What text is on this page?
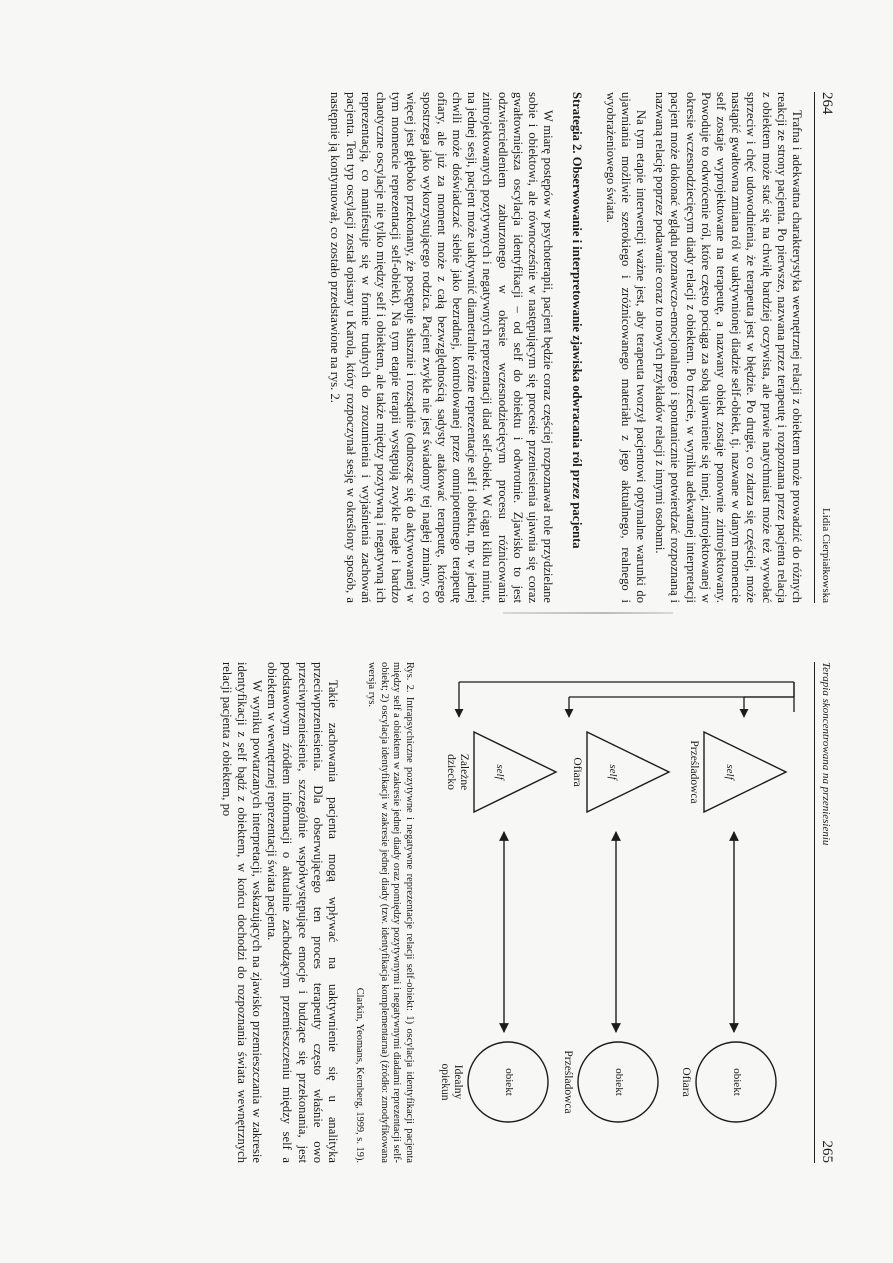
264
Lidia Cierpiałkowska

Trafna i adekwatna charakterystyka wewnętrznej relacji z obiektem może prowadzić do różnych reakcji ze strony pacjenta. Po pierwsze, nazwana przez terapeutę i rozpoznana przez pacjenta relacja z obiektem może stać się na chwilę bardziej oczywista, ale prawie natychmiast może też wywołać sprzeciw i chęć udowodnienia, że terapeuta jest w błędzie. Po drugie, co zdarza się częściej, może nastąpić gwałtowna zmiana ról w uaktywnionej diadzie self-obiekt, tj. nazwane w danym momencie self zostaje wyprojektowane na terapeutę, a nazwany obiekt zostaje ponownie zintrojektowany. Powoduje to odwrócenie ról, które często pociąga za sobą ujawnienie się innej, zintrojektowanej w okresie wczesnodziecięcym diady relacji z obiektem. Po trzecie, w wyniku adekwatnej interpretacji pacjent może dokonać wglądu poznawczo-emocjonalnego i spontanicznie potwierdzać rozpoznaną i nazwaną relację poprzez podawanie coraz to nowych przykładów relacji z innymi osobami.

Na tym etapie interwencji ważne jest, aby terapeuta tworzył pacjentowi optymalne warunki do ujawniania możliwie szerokiego i zróżnicowanego materiału z jego aktualnego, realnego i wyobrażeniowego świata.

Strategia 2. Obserwowanie i interpretowanie zjawiska odwracania ról przez pacjenta

W miarę postępów w psychoterapii, pacjent będzie coraz częściej rozpoznawał role przydzielane sobie i obiektowi, ale równocześnie w następującym się procesie przeniesienia ujawnia się coraz gwałtowniejsza oscylacja identyfikacji – od self do obiektu i odwrotnie. Zjawisko to jest odzwierciedleniem zaburzonego w okresie wczesnodziecięcym procesu różnicowania zintrojektowanych pozytywnych i negatywnych reprezentacji diad self-obiekt. W ciągu kilku minut, na jednej sesji, pacjent może uaktywnić diametralnie różne reprezentacje self i obiektu, np. w jednej chwili może doświadczać siebie jako bezradnej, kontrolowanej przez omnipotentnego terapeutę ofiary, ale już za moment może z całą bezwzględnością sadysty atakować terapeutę, którego spostrzega jako wykorzystującego rodzica. Pacjent zwykle nie jest świadomy tej nagłej zmiany, co więcej jest głęboko przekonany, że postępuje słusznie i rozsądnie (odnosząc się do aktywowanej w tym momencie reprezentacji self-obiekt). Na tym etapie terapii występują zwykle nagłe i bardzo chaotyczne oscylacje nie tylko między self i obiektem, ale także między pozytywną i negatywną ich reprezentacją, co manifestuje się w formie trudnych do zrozumienia i wyjaśnienia zachowań pacjenta. Ten typ oscylacji został opisany u Karola, który rozpoczynał sesję w określony sposób, a następnie ją kontynuował, co zostało przedstawione na rys. 2.

Terapia skoncentrowana na przeniesieniu
265
self
self
self
obiekt
obiekt
obiekt
Prześladowca
Ofiara
Ofiara
Prześladowca
Zależne dziecko
Idealny opiekun
Rys. 2. Intrapsychiczne pozytywne i negatywne reprezentacje relacji self-obiekt: 1) oscylacja identyfikacji pacjenta między self a obiektem w zakresie jednej diady oraz pomiędzy pozytywnymi i negatywnymi diadami reprezentacji self-obiekt; 2) oscylacja identyfikacji w zakresie jednej diady (tzw. identyfikacja komplementarna) (źródło: zmodyfikowana wersja rys.
Clarkin, Yeomans, Kernberg, 1999, s. 19).

Takie zachowania pacjenta mogą wpływać na uaktywnienie się u analityka przeciwprzeniesienia. Dla obserwującego ten proces terapeuty często właśnie owo przeciwprzeniesienie, szczególnie współwystępujące emocje i budzące się przekonania, jest podstawowym źródłem informacji o aktualnie zachodzącym przemieszczeniu między self a obiektem w wewnętrznej reprezentacji świata pacjenta.

W wyniku powtarzanych interpretacji, wskazujących na zjawisko przemieszczania w zakresie identyfikacji z self bądź z obiektem, w końcu dochodzi do rozpoznania świata wewnętrznych relacji pacjenta z obiektem, po
